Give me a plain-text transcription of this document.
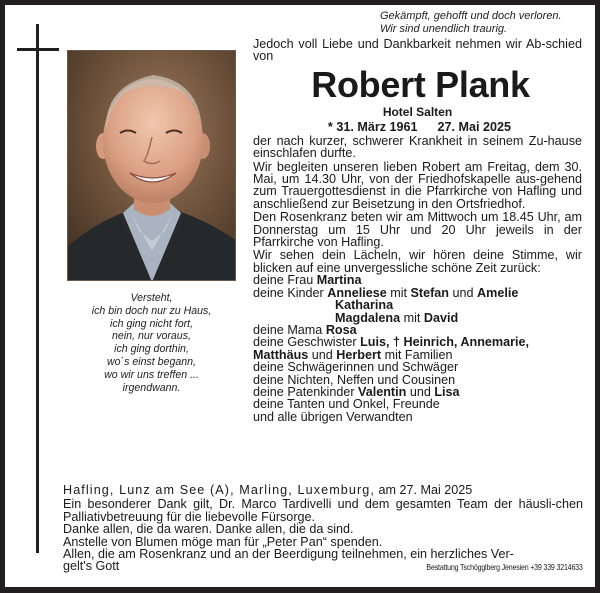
Gekämpft, gehofft und doch verloren.
Wir sind unendlich traurig.
Versteht,
ich bin doch nur zu Haus,
ich ging nicht fort,
nein, nur voraus,
ich ging dorthin,
wo`s einst begann,
wo wir uns treffen ...
irgendwann.

Jedoch voll Liebe und Dankbarkeit nehmen wir Ab-schied von

Robert Plank
Hotel Salten
* 31. März 1961 27. Mai 2025

der nach kurzer, schwerer Krankheit in seinem Zu-hause einschlafen durfte.

Wir begleiten unseren lieben Robert am Freitag, dem 30. Mai, um 14.30 Uhr, von der Friedhofskapelle aus-gehend zum Trauergottesdienst in die Pfarrkirche von Hafling und anschließend zur Beisetzung in den Ortsfriedhof.

Den Rosenkranz beten wir am Mittwoch um 18.45 Uhr, am Donnerstag um 15 Uhr und 20 Uhr jeweils in der Pfarrkirche von Hafling.

Wir sehen dein Lächeln, wir hören deine Stimme, wir blicken auf eine unvergessliche schöne Zeit zurück:

deine Frau Martina
deine Kinder Anneliese mit Stefan und Amelie
Katharina
Magdalena mit David
deine Mama Rosa
deine Geschwister Luis, † Heinrich, Annemarie,
Matthäus und Herbert mit Familien
deine Schwägerinnen und Schwäger
deine Nichten, Neffen und Cousinen
deine Patenkinder Valentin und Lisa
deine Tanten und Onkel, Freunde
und alle übrigen Verwandten
Hafling, Lunz am See (A), Marling, Luxemburg, am 27. Mai 2025

Ein besonderer Dank gilt, Dr. Marco Tardivelli und dem gesamten Team der häusli-chen Palliativbetreuung für die liebevolle Fürsorge.

Danke allen, die da waren. Danke allen, die da sind.

Anstelle von Blumen möge man für „Peter Pan“ spenden.

Allen, die am Rosenkranz und an der Beerdigung teilnehmen, ein herzliches Ver-

gelt's Gott	Bestattung Tschögglberg Jenesien +39 339 3214633
